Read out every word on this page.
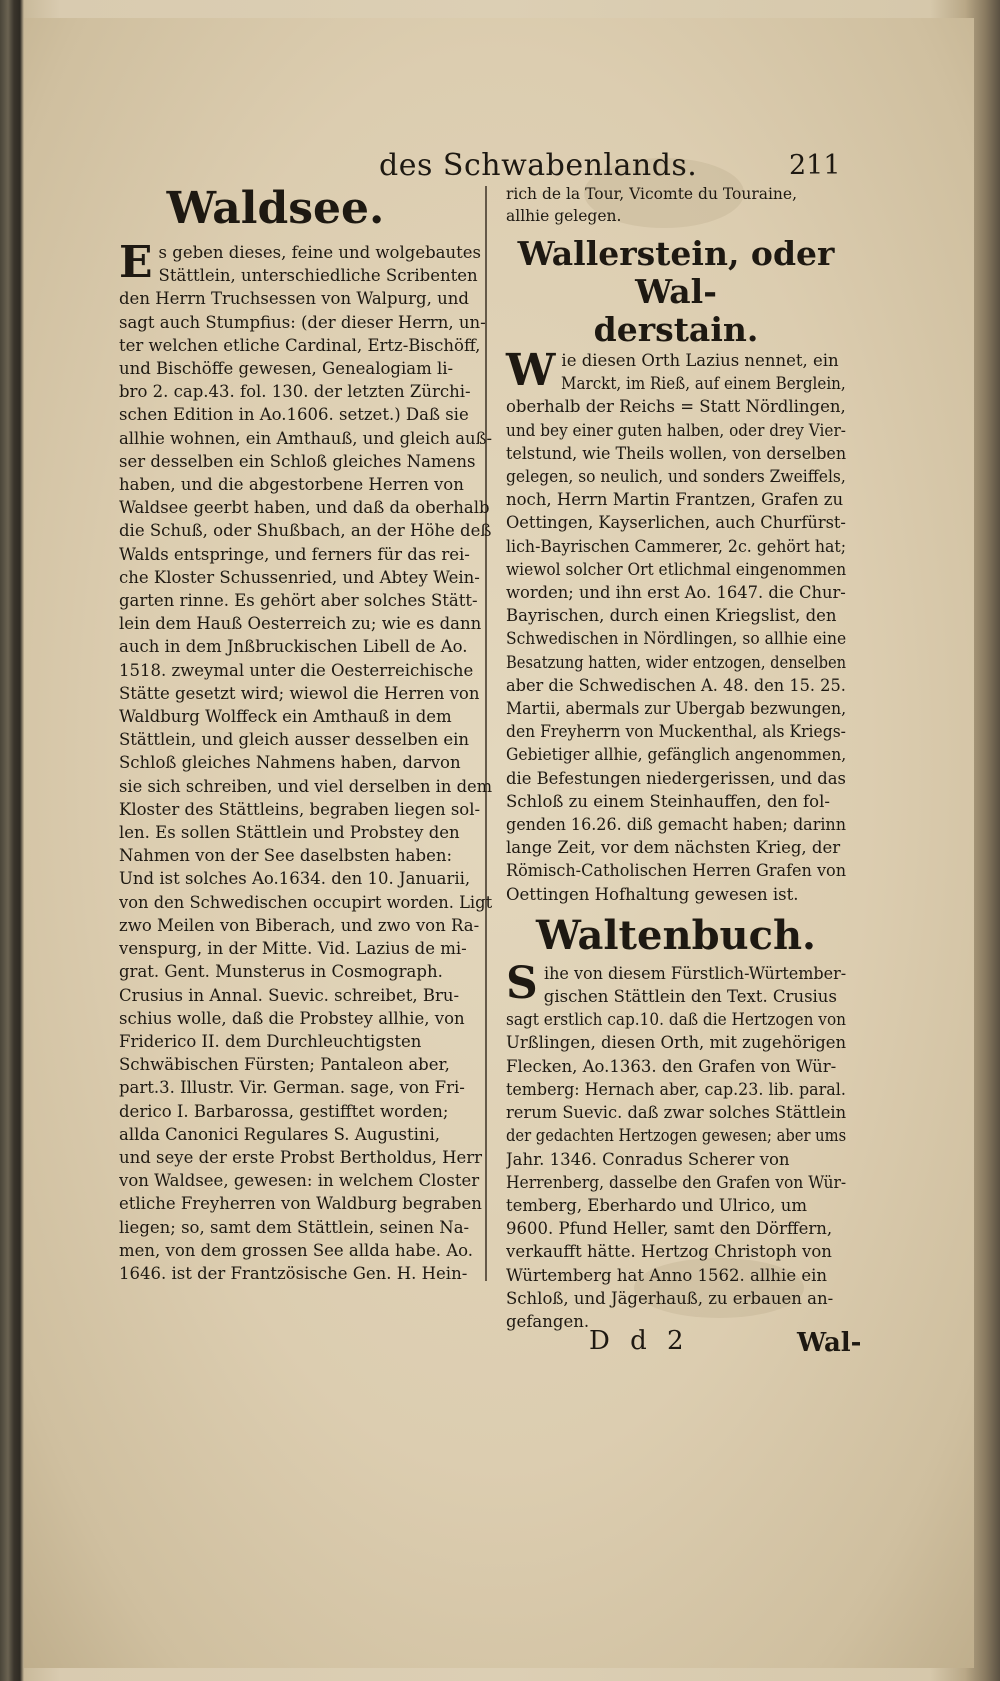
des Schwabenlands.	211
Waldsee.
E s geben dieses, feine und wolgebautes
Stättlein, unterschiedliche Scribenten
den Herrn Truchsessen von Walpurg, und
sagt auch Stumpfius: (der dieser Herrn, un-
ter welchen etliche Cardinal, Ertz-Bischöff,
und Bischöffe gewesen, Genealogiam li-
bro 2. cap.43. fol. 130. der letzten Zürchi-
schen Edition in Ao.1606. setzet.) Daß sie
allhie wohnen, ein Amthauß, und gleich auß-
ser desselben ein Schloß gleiches Namens
haben, und die abgestorbene Herren von
Waldsee geerbt haben, und daß da oberhalb
die Schuß, oder Shußbach, an der Höhe deß
Walds entspringe, und ferners für das rei-
che Kloster Schussenried, und Abtey Wein-
garten rinne. Es gehört aber solches Stätt-
lein dem Hauß Oesterreich zu; wie es dann
auch in dem Jnßbruckischen Libell de Ao.
1518. zweymal unter die Oesterreichische
Stätte gesetzt wird; wiewol die Herren von
Waldburg Wolffeck ein Amthauß in dem
Stättlein, und gleich ausser desselben ein
Schloß gleiches Nahmens haben, darvon
sie sich schreiben, und viel derselben in dem
Kloster des Stättleins, begraben liegen sol-
len. Es sollen Stättlein und Probstey den
Nahmen von der See daselbsten haben:
Und ist solches Ao.1634. den 10. Januarii,
von den Schwedischen occupirt worden. Ligt
zwo Meilen von Biberach, und zwo von Ra-
venspurg, in der Mitte. Vid. Lazius de mi-
grat. Gent. Munsterus in Cosmograph.
Crusius in Annal. Suevic. schreibet, Bru-
schius wolle, daß die Probstey allhie, von
Friderico II. dem Durchleuchtigsten
Schwäbischen Fürsten; Pantaleon aber,
part.3. Illustr. Vir. German. sage, von Fri-
derico I. Barbarossa, gestifftet worden;
allda Canonici Regulares S. Augustini,
und seye der erste Probst Bertholdus, Herr
von Waldsee, gewesen: in welchem Closter
etliche Freyherren von Waldburg begraben
liegen; so, samt dem Stättlein, seinen Na-
men, von dem grossen See allda habe. Ao.
1646. ist der Frantzösische Gen. H. Hein-
rich de la Tour, Vicomte du Touraine,
allhie gelegen.
Wallerstein, oder Wal-
derstain.
W ie diesen Orth Lazius nennet, ein
Marckt, im Rieß, auf einem Berglein,
oberhalb der Reichs = Statt Nördlingen,
und bey einer guten halben, oder drey Vier-
telstund, wie Theils wollen, von derselben
gelegen, so neulich, und sonders Zweiffels,
noch, Herrn Martin Frantzen, Grafen zu
Oettingen, Kayserlichen, auch Churfürst-
lich-Bayrischen Cammerer, 2c. gehört hat;
wiewol solcher Ort etlichmal eingenommen
worden; und ihn erst Ao. 1647. die Chur-
Bayrischen, durch einen Kriegslist, den
Schwedischen in Nördlingen, so allhie eine
Besatzung hatten, wider entzogen, denselben
aber die Schwedischen A. 48. den 15. 25.
Martii, abermals zur Ubergab bezwungen,
den Freyherrn von Muckenthal, als Kriegs-
Gebietiger allhie, gefänglich angenommen,
die Befestungen niedergerissen, und das
Schloß zu einem Steinhauffen, den fol-
genden 16.26. diß gemacht haben; darinn
lange Zeit, vor dem nächsten Krieg, der
Römisch-Catholischen Herren Grafen von
Oettingen Hofhaltung gewesen ist.
Waltenbuch.
S ihe von diesem Fürstlich-Würtember-
gischen Stättlein den Text. Crusius
sagt erstlich cap.10. daß die Hertzogen von
Urßlingen, diesen Orth, mit zugehörigen
Flecken, Ao.1363. den Grafen von Wür-
temberg: Hernach aber, cap.23. lib. paral.
rerum Suevic. daß zwar solches Stättlein
der gedachten Hertzogen gewesen; aber ums
Jahr. 1346. Conradus Scherer von
Herrenberg, dasselbe den Grafen von Wür-
temberg, Eberhardo und Ulrico, um
9600. Pfund Heller, samt den Dörffern,
verkaufft hätte. Hertzog Christoph von
Würtemberg hat Anno 1562. allhie ein
Schloß, und Jägerhauß, zu erbauen an-
gefangen.
D d 2	Wal-
